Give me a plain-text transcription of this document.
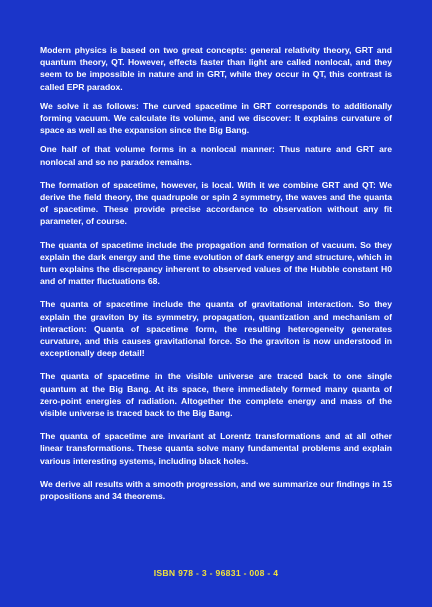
Modern physics is based on two great concepts: general relativity theory, GRT and quantum theory, QT. However, effects faster than light are called nonlocal, and they seem to be impossible in nature and in GRT, while they occur in QT, this contrast is called EPR paradox.

We solve it as follows: The curved spacetime in GRT corresponds to additionally forming vacuum. We calculate its volume, and we discover: It explains curvature of space as well as the expansion since the Big Bang.

One half of that volume forms in a nonlocal manner: Thus nature and GRT are nonlocal and so no paradox remains.

The formation of spacetime, however, is local. With it we combine GRT and QT: We derive the field theory, the quadrupole or spin 2 symmetry, the waves and the quanta of spacetime. These provide precise accordance to observation without any fit parameter, of course.

The quanta of spacetime include the propagation and formation of vacuum. So they explain the dark energy and the time evolution of dark energy and structure, which in turn explains the discrepancy inherent to observed values of the Hubble constant H0 and of matter fluctuations 68.

The quanta of spacetime include the quanta of gravitational interaction. So they explain the graviton by its symmetry, propagation, quantization and mechanism of interaction: Quanta of spacetime form, the resulting heterogeneity generates curvature, and this causes gravitational force. So the graviton is now understood in exceptionally deep detail!

The quanta of spacetime in the visible universe are traced back to one single quantum at the Big Bang. At its space, there immediately formed many quanta of zero-point energies of radiation. Altogether the complete energy and mass of the visible universe is traced back to the Big Bang.

The quanta of spacetime are invariant at Lorentz transformations and at all other linear transformations. These quanta solve many fundamental problems and explain various interesting systems, including black holes.

We derive all results with a smooth progression, and we summarize our findings in 15 propositions and 34 theorems.

ISBN 978 - 3 - 96831 - 008 - 4
